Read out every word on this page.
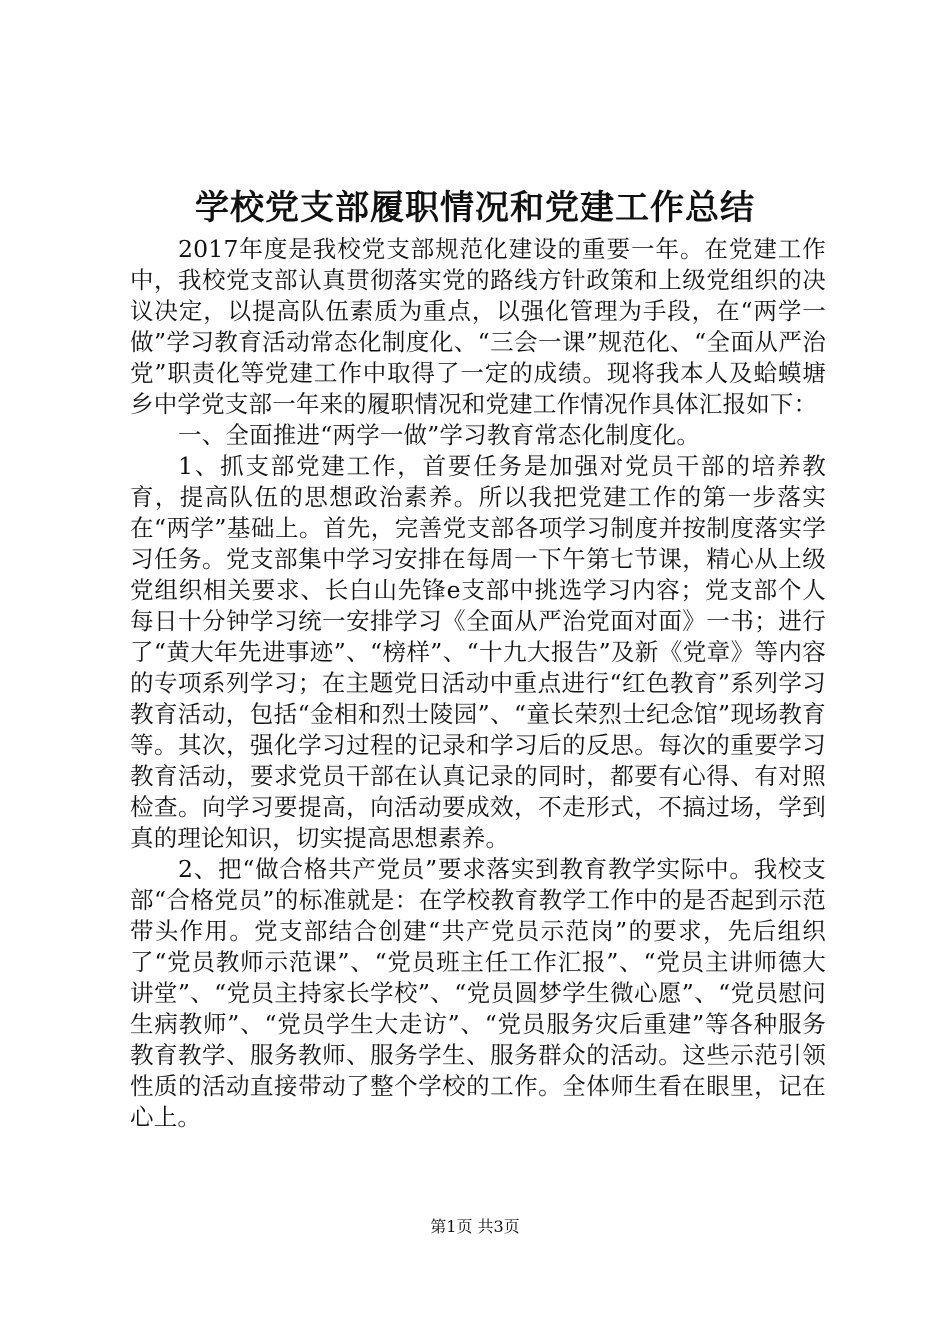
学校党支部履职情况和党建工作总结

2017年度是我校党支部规范化建设的重要一年。在党建工作中，我校党支部认真贯彻落实党的路线方针政策和上级党组织的决议决定，以提高队伍素质为重点，以强化管理为手段，在“两学一做”学习教育活动常态化制度化、“三会一课”规范化、“全面从严治党”职责化等党建工作中取得了一定的成绩。现将我本人及蛤蟆塘乡中学党支部一年来的履职情况和党建工作情况作具体汇报如下：

一、全面推进“两学一做”学习教育常态化制度化。

1、抓支部党建工作，首要任务是加强对党员干部的培养教育，提高队伍的思想政治素养。所以我把党建工作的第一步落实在“两学”基础上。首先，完善党支部各项学习制度并按制度落实学习任务。党支部集中学习安排在每周一下午第七节课，精心从上级党组织相关要求、长白山先锋e支部中挑选学习内容；党支部个人每日十分钟学习统一安排学习《全面从严治党面对面》一书；进行了“黄大年先进事迹”、“榜样”、“十九大报告”及新《党章》等内容的专项系列学习；在主题党日活动中重点进行“红色教育”系列学习教育活动，包括“金相和烈士陵园”、“童长荣烈士纪念馆”现场教育等。其次，强化学习过程的记录和学习后的反思。每次的重要学习教育活动，要求党员干部在认真记录的同时，都要有心得、有对照检查。向学习要提高，向活动要成效，不走形式，不搞过场，学到真的理论知识，切实提高思想素养。

2、把“做合格共产党员”要求落实到教育教学实际中。我校支部“合格党员”的标准就是：在学校教育教学工作中的是否起到示范带头作用。党支部结合创建“共产党员示范岗”的要求，先后组织了“党员教师示范课”、“党员班主任工作汇报”、“党员主讲师德大讲堂”、“党员主持家长学校”、“党员圆梦学生微心愿”、“党员慰问生病教师”、“党员学生大走访”、“党员服务灾后重建”等各种服务教育教学、服务教师、服务学生、服务群众的活动。这些示范引领性质的活动直接带动了整个学校的工作。全体师生看在眼里，记在心上。

第1页 共3页
